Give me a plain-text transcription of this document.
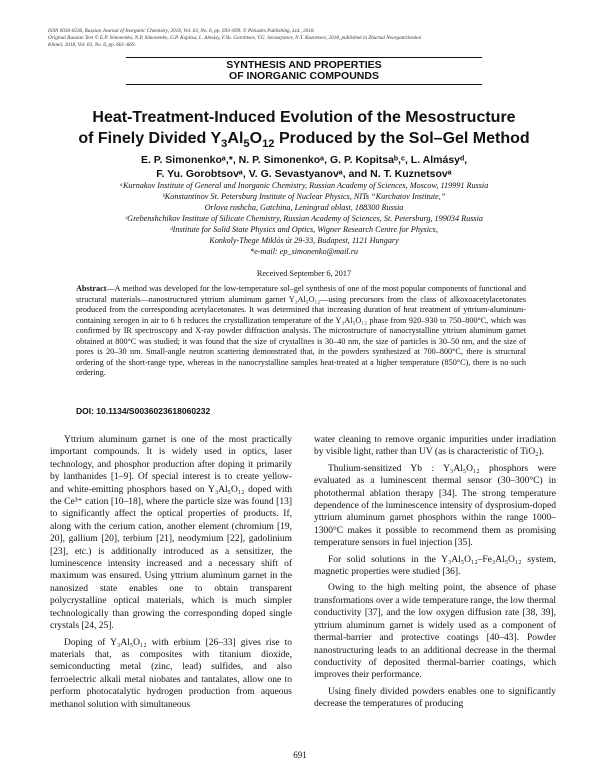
ISSN 0036-0236, Russian Journal of Inorganic Chemistry, 2018, Vol. 63, No. 6, pp. 693–699. © Pleiades Publishing, Ltd., 2018.
Original Russian Text © E.P. Simonenko, N.P. Simonenko, G.P. Kopitsa, L. Almásy, F.Yu. Gorobtsov, V.G. Sevastyanov, N.T. Kuznetsov, 2018, published in Zhurnal Neorganicheskoi
Khimii, 2018, Vol. 63, No. 6, pp. 661–669.
SYNTHESIS AND PROPERTIES
OF INORGANIC COMPOUNDS
Heat-Treatment-Induced Evolution of the Mesostructure
of Finely Divided $Y_3Al_5O_{12}$ Produced by the Sol–Gel Method
E. P. Simonenkoᵃ,*, N. P. Simonenkoᵃ, G. P. Kopitsaᵇ,ᶜ, L. Almásyᵈ,
F. Yu. Gorobtsovᵃ, V. G. Sevastyanovᵃ, and N. T. Kuznetsovᵃ
ᵃKurnakov Institute of General and Inorganic Chemistry, Russian Academy of Sciences, Moscow, 119991 Russia
ᵇKonstantinov St. Petersburg Institute of Nuclear Physics, NITs “Kurchatov Institute,”
Orlova roshcha, Gatchina, Leningrad oblast, 188300 Russia
ᶜGrebenshchikov Institute of Silicate Chemistry, Russian Academy of Sciences, St. Petersburg, 199034 Russia
ᵈInstitute for Solid State Physics and Optics, Wigner Research Centre for Physics,
Konkoly-Thege Miklós út 29-33, Budapest, 1121 Hungary
*e-mail: ep_simonenko@mail.ru
Received September 6, 2017
Abstract—A method was developed for the low-temperature sol–gel synthesis of one of the most popular components of functional and structural materials—nanostructured yttrium aluminum garnet Y₃Al₅O₁₂—using precursors from the class of alkoxoacetylacetonates produced from the corresponding acetylacetonates. It was determined that increasing duration of heat treatment of yttrium-aluminum-containing xerogen in air to 6 h reduces the crystallization temperature of the Y₃Al₅O₁₂ phase from 920–930 to 750–800°C, which was confirmed by IR spectroscopy and X-ray powder diffraction analysis. The microstructure of nanocrystalline yttrium aluminum garnet obtained at 800°C was studied; it was found that the size of crystallites is 30–40 nm, the size of particles is 30–50 nm, and the size of pores is 20–30 nm. Small-angle neutron scattering demonstrated that, in the powders synthesized at 700–800°C, there is structural ordering of the short-range type, whereas in the nanocrystalline samples heat-treated at a higher temperature (850°C), there is no such ordering.
DOI: 10.1134/S0036023618060232

Yttrium aluminum garnet is one of the most practically important compounds. It is widely used in optics, laser technology, and phosphor production after doping it primarily by lanthanides [1–9]. Of special interest is to create yellow- and white-emitting phosphors based on Y₃Al₅O₁₂ doped with the Ce³⁺ cation [10–18], where the particle size was found [13] to significantly affect the optical properties of products. If, along with the cerium cation, another element (chromium [19, 20], gallium [20], terbium [21], neodymium [22], gadolinium [23], etc.) is additionally introduced as a sensitizer, the luminescence intensity increased and a necessary shift of maximum was ensured. Using yttrium aluminum garnet in the nanosized state enables one to obtain transparent polycrystalline optical materials, which is much simpler technologically than growing the corresponding doped single crystals [24, 25].

Doping of Y₃Al₅O₁₂ with erbium [26–33] gives rise to materials that, as composites with titanium dioxide, semiconducting metal (zinc, lead) sulfides, and also ferroelectric alkali metal niobates and tantalates, allow one to perform photocatalytic hydrogen production from aqueous methanol solution with simultaneous

water cleaning to remove organic impurities under irradiation by visible light, rather than UV (as is characteristic of TiO₂).

Thulium-sensitized Yb : Y₃Al₅O₁₂ phosphors were evaluated as a luminescent thermal sensor (30–300°C) in photothermal ablation therapy [34]. The strong temperature dependence of the luminescence intensity of dysprosium-doped yttrium aluminum garnet phosphors within the range 1000–1300°C makes it possible to recommend them as promising temperature sensors in fuel injection [35].

For solid solutions in the Y₃Al₅O₁₂–Fe₃Al₅O₁₂ system, magnetic properties were studied [36].

Owing to the high melting point, the absence of phase transformations over a wide temperature range, the low thermal conductivity [37], and the low oxygen diffusion rate [38, 39], yttrium aluminum garnet is widely used as a component of thermal-barrier and protective coatings [40–43]. Powder nanostructuring leads to an additional decrease in the thermal conductivity of deposited thermal-barrier coatings, which improves their performance.

Using finely divided powders enables one to significantly decrease the temperatures of producing

691
